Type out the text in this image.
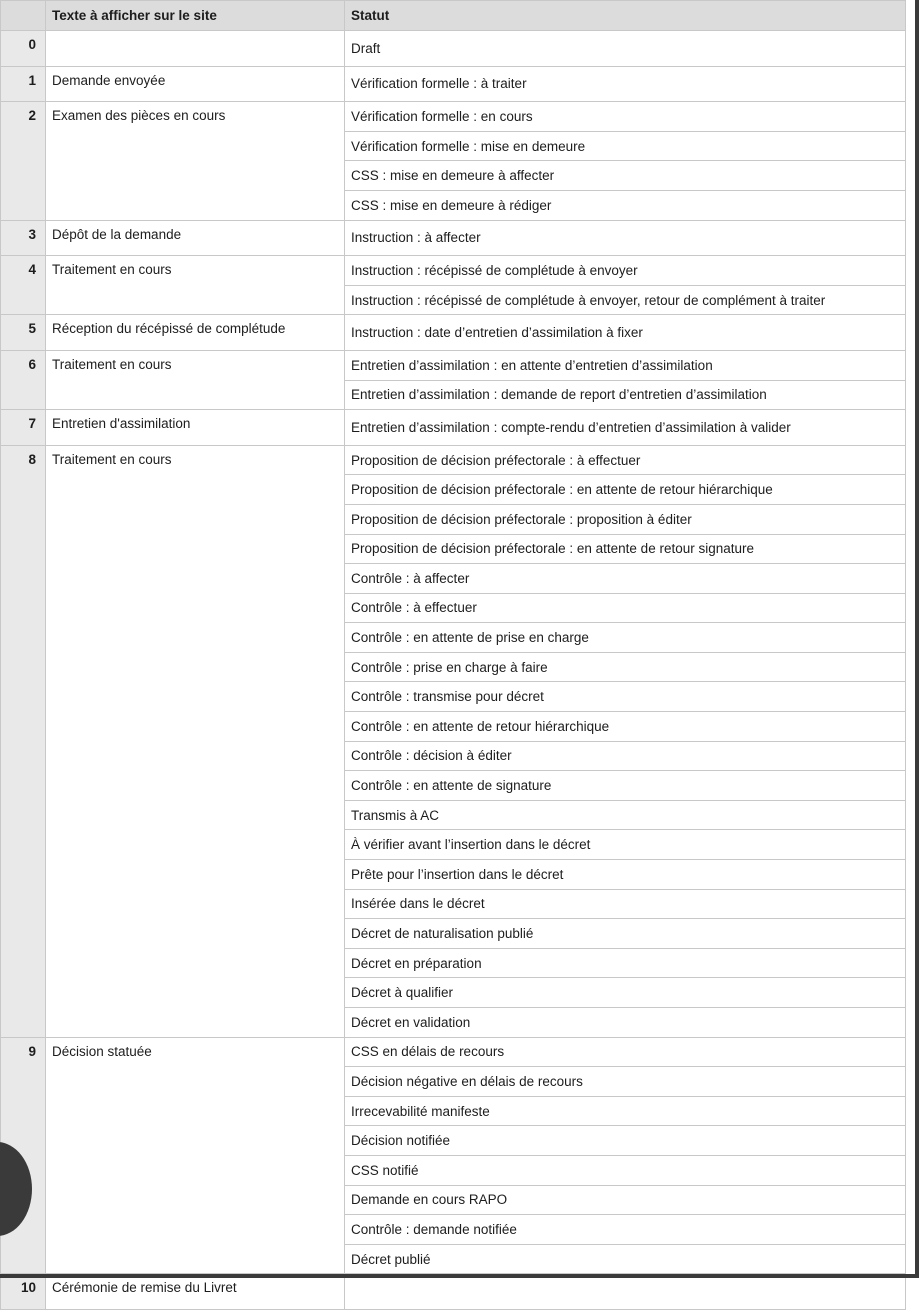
	Texte à afficher sur le site	Statut
0		Draft
1	Demande envoyée	Vérification formelle : à traiter
2	Examen des pièces en cours	Vérification formelle : en cours
		Vérification formelle : mise en demeure
		CSS : mise en demeure à affecter
		CSS : mise en demeure à rédiger
3	Dépôt de la demande	Instruction : à affecter
4	Traitement en cours	Instruction : récépissé de complétude à envoyer
		Instruction : récépissé de complétude à envoyer, retour de complément à traiter
5	Réception du récépissé de complétude	Instruction : date d’entretien d’assimilation à fixer
6	Traitement en cours	Entretien d’assimilation : en attente d’entretien d’assimilation
		Entretien d’assimilation : demande de report d’entretien d’assimilation
7	Entretien d'assimilation	Entretien d’assimilation : compte-rendu d’entretien d’assimilation à valider
8	Traitement en cours	Proposition de décision préfectorale : à effectuer
		Proposition de décision préfectorale : en attente de retour hiérarchique
		Proposition de décision préfectorale : proposition à éditer
		Proposition de décision préfectorale : en attente de retour signature
		Contrôle : à affecter
		Contrôle : à effectuer
		Contrôle : en attente de prise en charge
		Contrôle : prise en charge à faire
		Contrôle : transmise pour décret
		Contrôle : en attente de retour hiérarchique
		Contrôle : décision à éditer
		Contrôle : en attente de signature
		Transmis à AC
		À vérifier avant l’insertion dans le décret
		Prête pour l’insertion dans le décret
		Insérée dans le décret
		Décret de naturalisation publié
		Décret en préparation
		Décret à qualifier
		Décret en validation
9	Décision statuée	CSS en délais de recours
		Décision négative en délais de recours
		Irrecevabilité manifeste
		Décision notifiée
		CSS notifié
		Demande en cours RAPO
		Contrôle : demande notifiée
		Décret publié
10	Cérémonie de remise du Livret	
